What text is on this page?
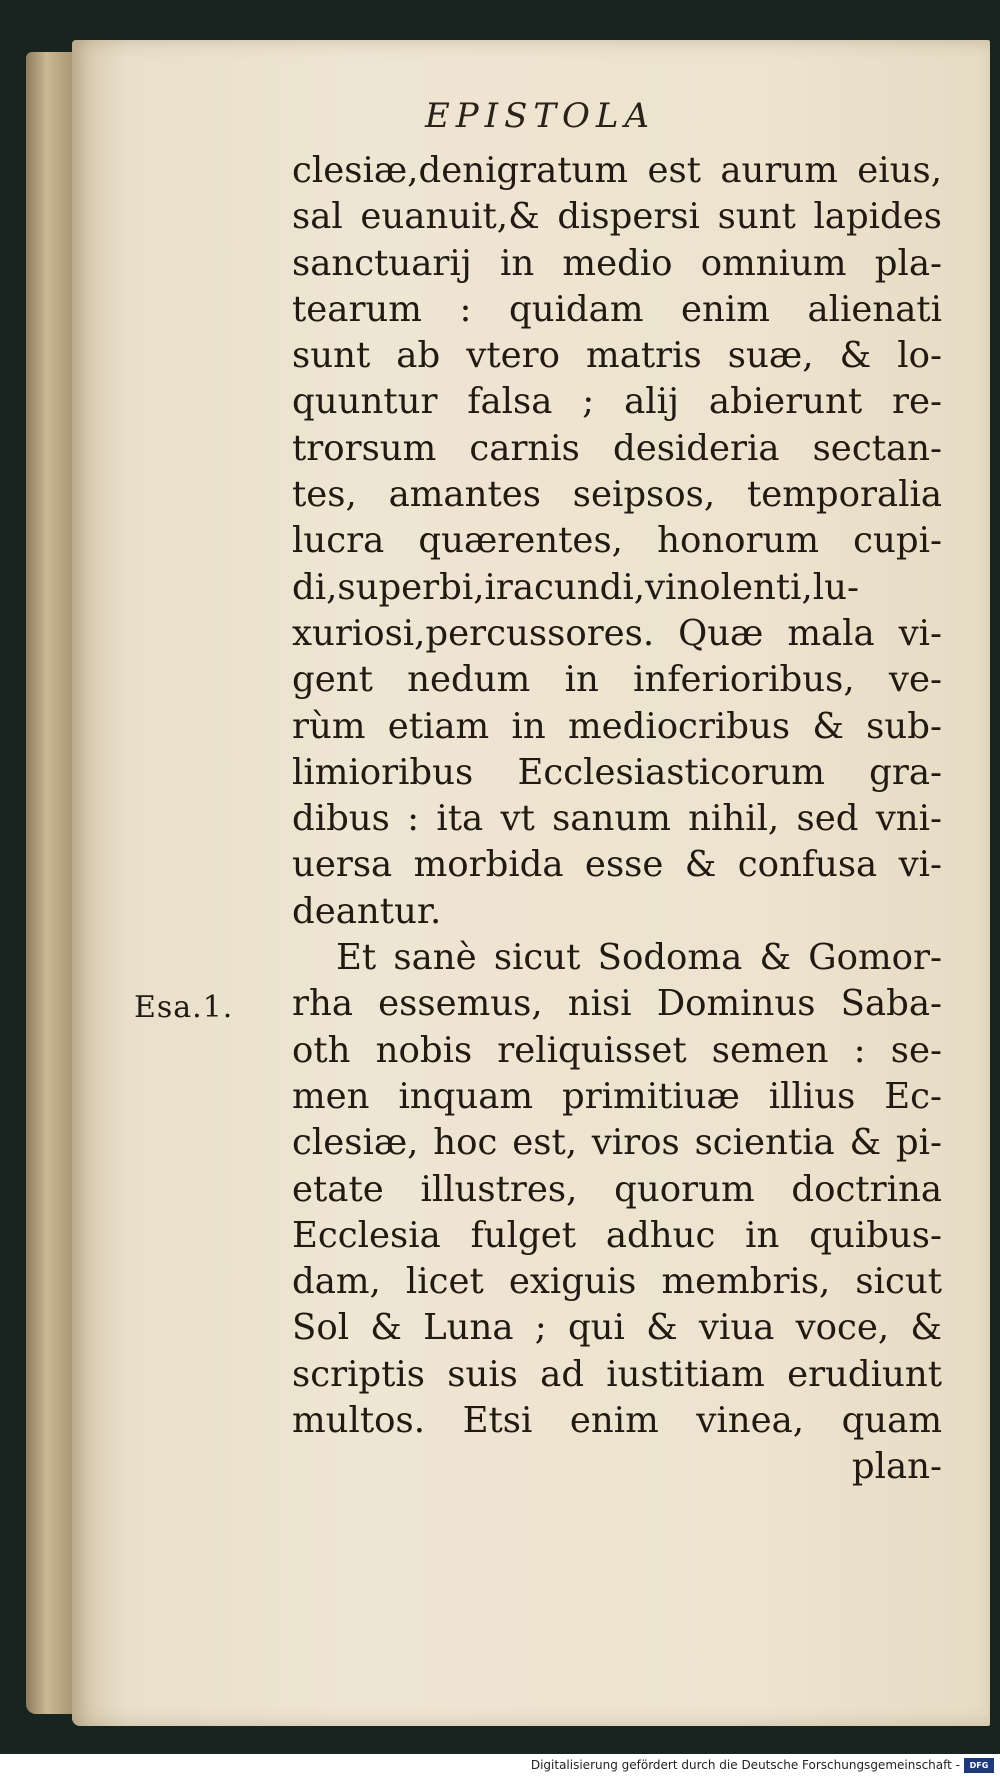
EPISTOLA
Esa.1.
clesiæ,denigratum est aurum eius,
sal euanuit,& dispersi sunt lapides
sanctuarij in medio omnium pla-
tearum : quidam enim alienati
sunt ab vtero matris suæ, & lo-
quuntur falsa ; alij abierunt re-
trorsum carnis desideria sectan-
tes, amantes seipsos, temporalia
lucra quærentes, honorum cupi-
di,superbi,iracundi,vinolenti,lu-
xuriosi,percussores. Quæ mala vi-
gent nedum in inferioribus, ve-
rùm etiam in mediocribus & sub-
limioribus Ecclesiasticorum gra-
dibus : ita vt sanum nihil, sed vni-
uersa morbida esse & confusa vi-
deantur.
Et sanè sicut Sodoma & Gomor-
rha essemus, nisi Dominus Saba-
oth nobis reliquisset semen : se-
men inquam primitiuæ illius Ec-
clesiæ, hoc est, viros scientia & pi-
etate illustres, quorum doctrina
Ecclesia fulget adhuc in quibus-
dam, licet exiguis membris, sicut
Sol & Luna ; qui & viua voce, &
scriptis suis ad iustitiam erudiunt
multos. Etsi enim vinea, quam
plan-
Digitalisierung gefördert durch die Deutsche Forschungsgemeinschaft -	DFG
